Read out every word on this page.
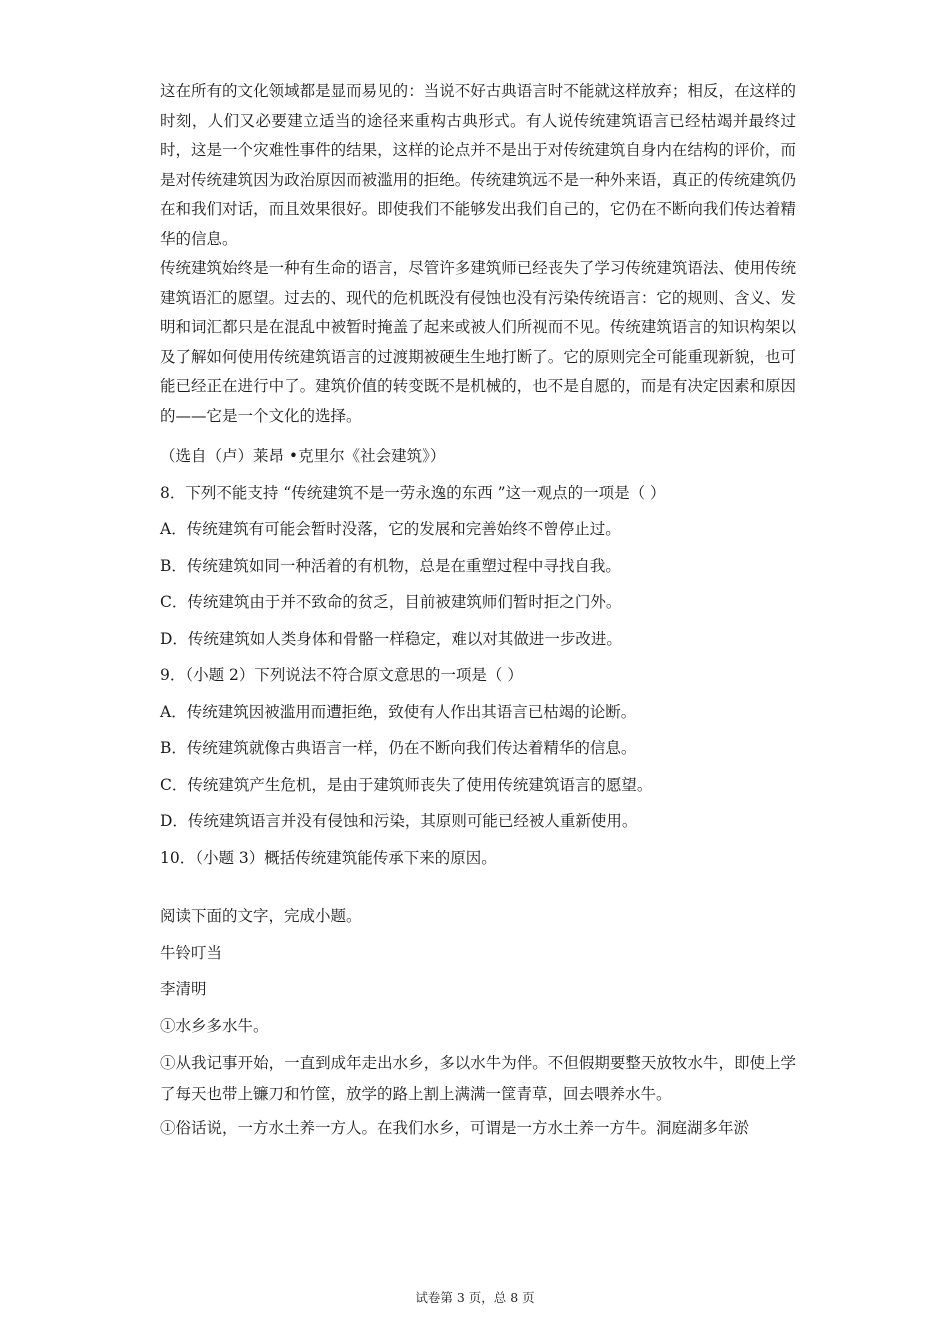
这在所有的文化领域都是显而易见的：当说不好古典语言时不能就这样放弃；相反，在这样的时刻，人们又必要建立适当的途径来重构古典形式。有人说传统建筑语言已经枯竭并最终过时，这是一个灾难性事件的结果，这样的论点并不是出于对传统建筑自身内在结构的评价，而是对传统建筑因为政治原因而被滥用的拒绝。传统建筑远不是一种外来语，真正的传统建筑仍在和我们对话，而且效果很好。即使我们不能够发出我们自己的，它仍在不断向我们传达着精华的信息。

传统建筑始终是一种有生命的语言，尽管许多建筑师已经丧失了学习传统建筑语法、使用传统建筑语汇的愿望。过去的、现代的危机既没有侵蚀也没有污染传统语言：它的规则、含义、发明和词汇都只是在混乱中被暂时掩盖了起来或被人们所视而不见。传统建筑语言的知识构架以及了解如何使用传统建筑语言的过渡期被硬生生地打断了。它的原则完全可能重现新貌，也可能已经正在进行中了。建筑价值的转变既不是机械的，也不是自愿的，而是有决定因素和原因的——它是一个文化的选择。

（选自（卢）莱昂 •克里尔《社会建筑》）

8．下列不能支持 “传统建筑不是一劳永逸的东西 ”这一观点的一项是（ ）

A．传统建筑有可能会暂时没落，它的发展和完善始终不曾停止过。

B．传统建筑如同一种活着的有机物，总是在重塑过程中寻找自我。

C．传统建筑由于并不致命的贫乏，目前被建筑师们暂时拒之门外。

D．传统建筑如人类身体和骨骼一样稳定，难以对其做进一步改进。

9．（小题 2）下列说法不符合原文意思的一项是（ ）

A．传统建筑因被滥用而遭拒绝，致使有人作出其语言已枯竭的论断。

B．传统建筑就像古典语言一样，仍在不断向我们传达着精华的信息。

C．传统建筑产生危机，是由于建筑师丧失了使用传统建筑语言的愿望。

D．传统建筑语言并没有侵蚀和污染，其原则可能已经被人重新使用。

10．（小题 3）概括传统建筑能传承下来的原因。

阅读下面的文字，完成小题。

牛铃叮当

李清明

①水乡多水牛。

①从我记事开始，一直到成年走出水乡，多以水牛为伴。不但假期要整天放牧水牛，即使上学了每天也带上镰刀和竹筐，放学的路上割上满满一筐青草，回去喂养水牛。

①俗话说，一方水土养一方人。在我们水乡，可谓是一方水土养一方牛。洞庭湖多年淤

试卷第 3 页，总 8 页
